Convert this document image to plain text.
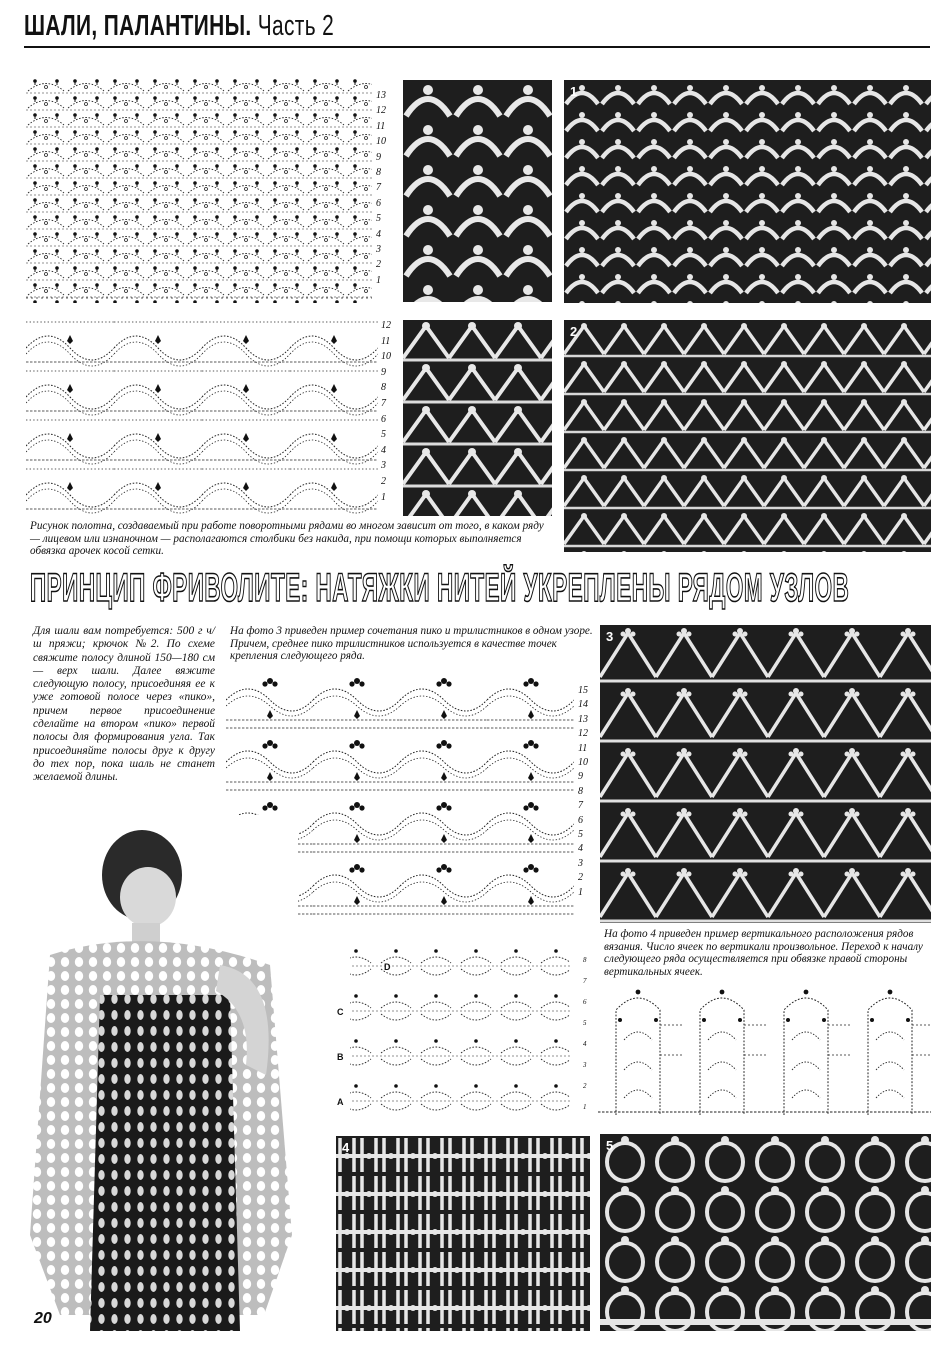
ШАЛИ, ПАЛАНТИНЫ. Часть 2
13
12
11
10
9
8
7
6
5
4
3
2
1
1
12
11
10
9
8
7
6
5
4
3
2
1
2
Рисунок полотна, создаваемый при работе поворотными рядами во многом зависит от того, в каком ряду — лицевом или изнаночном — располагаются столбики без накида, при помощи которых выполняется обвязка арочек косой сетки.
ПРИНЦИП ФРИВОЛИТЕ: НАТЯЖКИ НИТЕЙ УКРЕПЛЕНЫ РЯДОМ УЗЛОВ
Для шали вам потребуется: 500 г ч/ш пряжи; крючок №2. По схеме свяжите полосу длиной 150—180 см — верх шали. Далее вяжите следующую полосу, присоединяя ее к уже готовой полосе через «пико», причем первое присоединение сделайте на втором «пико» первой полосы для формирования угла. Так присоединяйте полосы друг к другу до тех пор, пока шаль не станет желаемой длины.
На фото 3 приведен пример сочетания пико и трилистников в одном узоре. Причем, среднее пико трилистников используется в качестве точек крепления следующего ряда.
15
14
13
12
11
10
9
8
7
6
5
4
3
2
1
3
На фото 4 приведен пример вертикального расположения рядов вязания. Число ячеек по вертикали произвольное. Переход к началу следующего ряда осуществляется при обвязке правой стороны вертикальных ячеек.
20
D
C
B
A
8
7
6
5
4
3
2
1
4	5
